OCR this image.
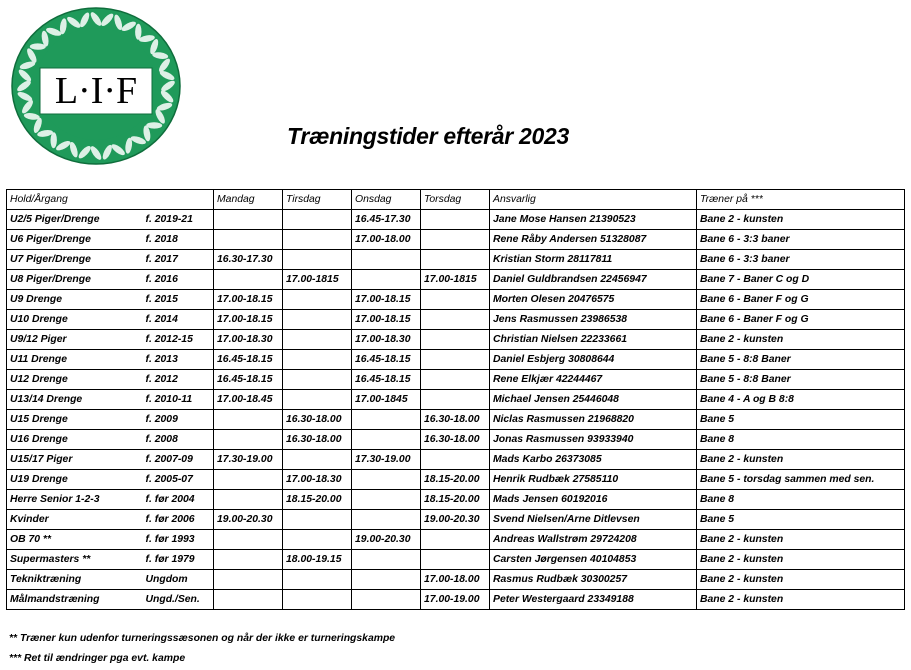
L·I·F
Træningstider efterår 2023
Hold/Årgang		Mandag	Tirsdag	Onsdag	Torsdag	Ansvarlig	Træner på ***
U2/5 Piger/Drenge	f. 2019-21			16.45-17.30		Jane Mose Hansen 21390523	Bane 2 - kunsten
U6 Piger/Drenge	f. 2018			17.00-18.00		Rene Råby Andersen 51328087	Bane 6 - 3:3 baner
U7 Piger/Drenge	f. 2017	16.30-17.30				Kristian Storm 28117811	Bane 6 - 3:3 baner
U8 Piger/Drenge	f. 2016		17.00-1815		17.00-1815	Daniel Guldbrandsen 22456947	Bane 7 - Baner C og D
U9 Drenge	f. 2015	17.00-18.15		17.00-18.15		Morten Olesen 20476575	Bane 6 - Baner F og G
U10 Drenge	f. 2014	17.00-18.15		17.00-18.15		Jens Rasmussen 23986538	Bane 6 - Baner F og G
U9/12 Piger	f. 2012-15	17.00-18.30		17.00-18.30		Christian Nielsen 22233661	Bane 2 - kunsten
U11 Drenge	f. 2013	16.45-18.15		16.45-18.15		Daniel Esbjerg 30808644	Bane 5 - 8:8 Baner
U12 Drenge	f. 2012	16.45-18.15		16.45-18.15		Rene Elkjær 42244467	Bane 5 - 8:8 Baner
U13/14 Drenge	f. 2010-11	17.00-18.45		17.00-1845		Michael Jensen 25446048	Bane 4 - A og B 8:8
U15 Drenge	f. 2009		16.30-18.00		16.30-18.00	Niclas Rasmussen 21968820	Bane 5
U16 Drenge	f. 2008		16.30-18.00		16.30-18.00	Jonas Rasmussen 93933940	Bane 8
U15/17 Piger	f. 2007-09	17.30-19.00		17.30-19.00		Mads Karbo 26373085	Bane 2 - kunsten
U19 Drenge	f. 2005-07		17.00-18.30		18.15-20.00	Henrik Rudbæk 27585110	Bane 5 - torsdag sammen med sen.
Herre Senior 1-2-3	f. før 2004		18.15-20.00		18.15-20.00	Mads Jensen 60192016	Bane 8
Kvinder	f. før 2006	19.00-20.30			19.00-20.30	Svend Nielsen/Arne Ditlevsen	Bane 5
OB 70 **	f. før 1993			19.00-20.30		Andreas Wallstrøm 29724208	Bane 2 - kunsten
Supermasters **	f. før 1979		18.00-19.15			Carsten Jørgensen 40104853	Bane 2 - kunsten
Tekniktræning	Ungdom				17.00-18.00	Rasmus Rudbæk 30300257	Bane 2 - kunsten
Målmandstræning	Ungd./Sen.				17.00-19.00	Peter Westergaard 23349188	Bane 2 - kunsten
** Træner kun udenfor turneringssæsonen og når der ikke er turneringskampe
*** Ret til ændringer pga evt. kampe
